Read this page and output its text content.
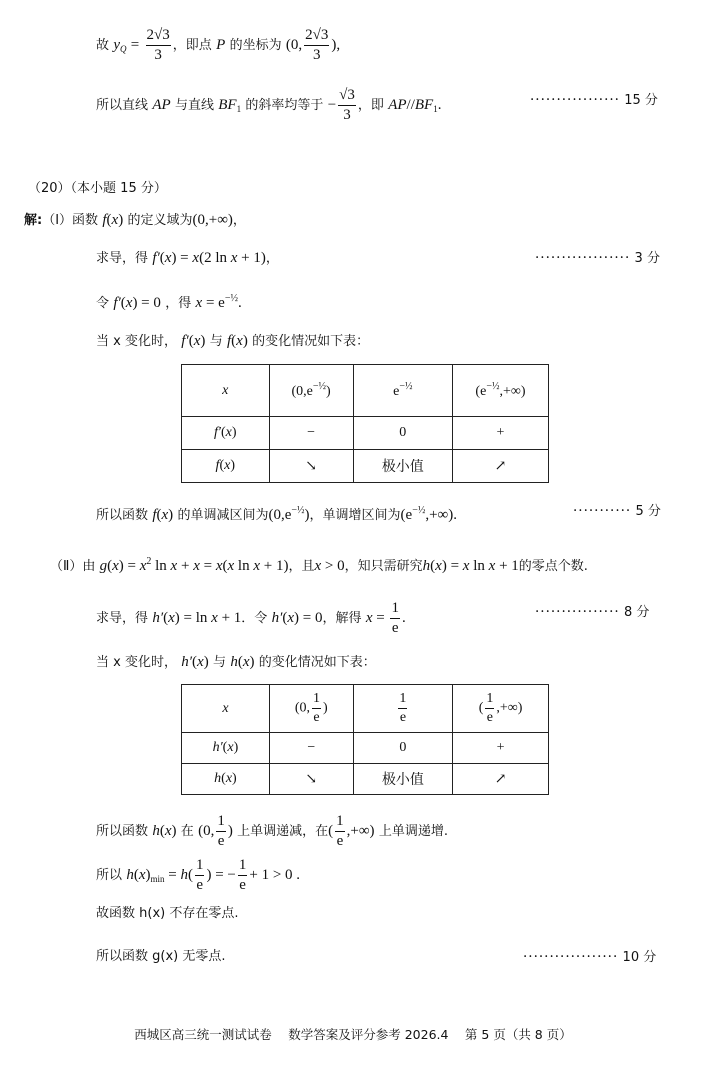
故 $y_Q = \frac{2√3}{3}$ ，即点 P 的坐标为 (0, $\frac{2√3}{3}$ ),
所以直线 AP 与直线 $BF_1$ 的斜率均等于 − $\frac{√3}{3}$ ，即 $AP//BF_1$.	················· 15 分
（20）（本小题 15 分）
解:（Ⅰ）函数 f(x) 的定义域为(0,+∞)，
求导，得 f′(x) = x(2 ln x + 1)，	·················· 3 分
令 f′(x) = 0 ，得 $x = e^{-\frac{1}{2}}$.
当 x 变化时， f′(x) 与 f(x) 的变化情况如下表：
x	$(0,e^{-\frac{1}{2}})$	$e^{-\frac{1}{2}}$	$(e^{-\frac{1}{2}},+\infty)$
f′(x)	−	0	+
f(x)	↘	极小值	↗
所以函数 f(x) 的单调减区间为$(0,e^{-\frac{1}{2}})$，单调增区间为$(e^{-\frac{1}{2}},+\infty)$.	··········· 5 分
（Ⅱ）由 $g(x) = x^2$ ln x + x = x(x ln x + 1)，且x > 0，知只需研究h(x) = x ln x + 1的零点个数.
求导，得 h′(x) = ln x + 1．令 h′(x) = 0，解得 $x = \frac{1}{e}$ .	················ 8 分
当 x 变化时， h′(x) 与 h(x) 的变化情况如下表：
x	(0, $\frac{1}{e}$ )	$\frac{1}{e}$	( $\frac{1}{e}$ ,+∞)
h′(x)	−	0	+
h(x)	↘	极小值	↗
所以函数 h(x) 在 (0, $\frac{1}{e}$ ) 上单调递减，在( $\frac{1}{e}$ ,+∞) 上单调递增.
所以 $h(x)_{min} = h( \frac{1}{e}$ ) = − $\frac{1}{e} + 1 > 0$ .
故函数 h(x) 不存在零点.
所以函数 g(x) 无零点.	·················· 10 分
西城区高三统一测试试卷　 数学答案及评分参考 2026.4　 第 5 页（共 8 页）
